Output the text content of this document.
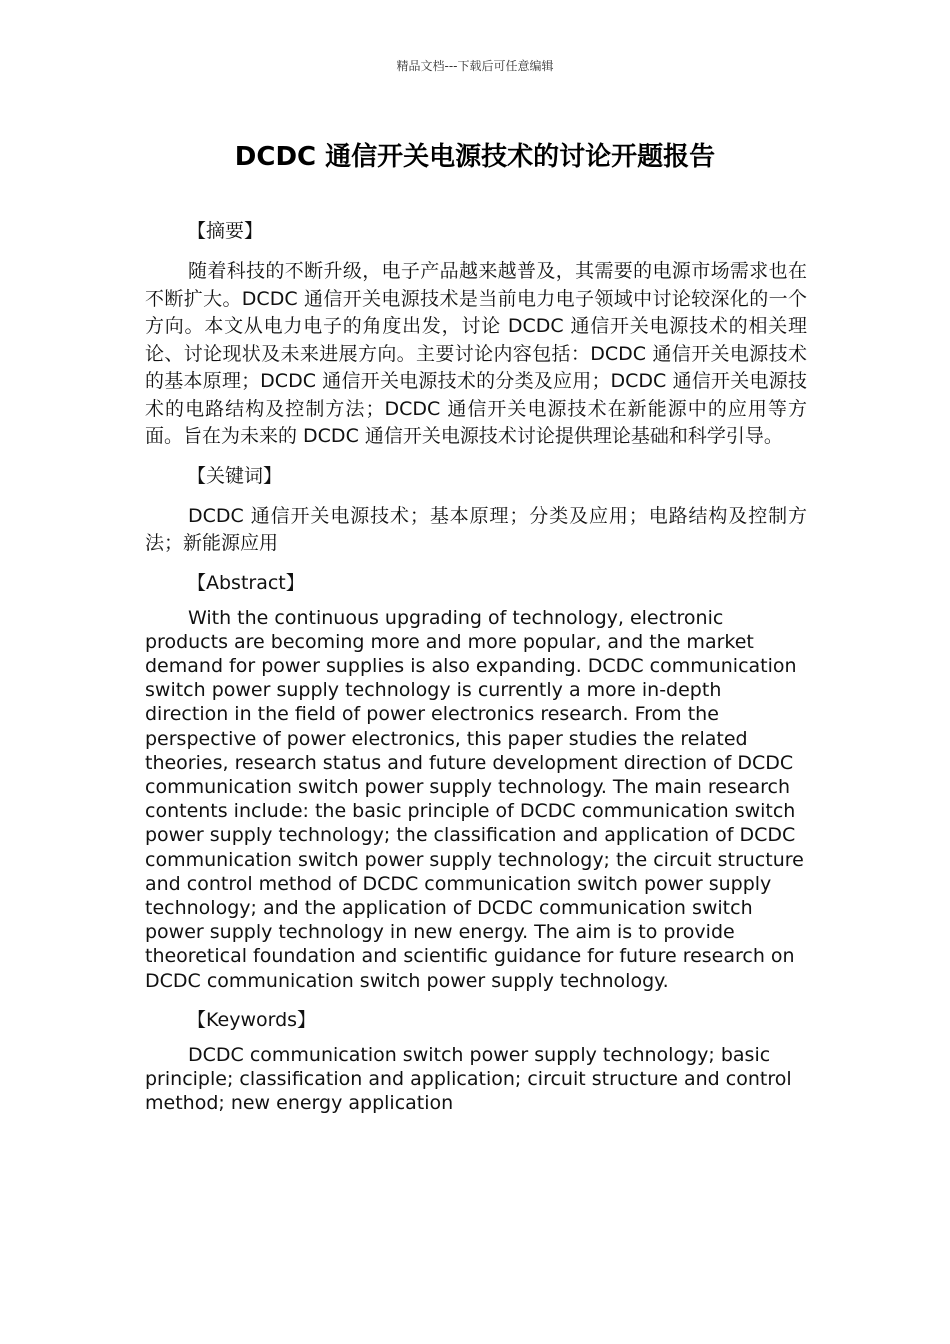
精品文档---下载后可任意编辑
DCDC 通信开关电源技术的讨论开题报告
【摘要】

随着科技的不断升级，电子产品越来越普及，其需要的电源市场需求也在不断扩大。DCDC 通信开关电源技术是当前电力电子领域中讨论较深化的一个方向。本文从电力电子的角度出发，讨论 DCDC 通信开关电源技术的相关理论、讨论现状及未来进展方向。主要讨论内容包括：DCDC 通信开关电源技术的基本原理；DCDC 通信开关电源技术的分类及应用；DCDC 通信开关电源技术的电路结构及控制方法；DCDC 通信开关电源技术在新能源中的应用等方面。旨在为未来的 DCDC 通信开关电源技术讨论提供理论基础和科学引导。

【关键词】

DCDC 通信开关电源技术；基本原理；分类及应用；电路结构及控制方法；新能源应用

【Abstract】

With the continuous upgrading of technology, electronic products are becoming more and more popular, and the market demand for power supplies is also expanding. DCDC communication switch power supply technology is currently a more in-depth direction in the field of power electronics research. From the perspective of power electronics, this paper studies the related theories, research status and future development direction of DCDC communication switch power supply technology. The main research contents include: the basic principle of DCDC communication switch power supply technology; the classification and application of DCDC communication switch power supply technology; the circuit structure and control method of DCDC communication switch power supply technology; and the application of DCDC communication switch power supply technology in new energy. The aim is to provide theoretical foundation and scientific guidance for future research on DCDC communication switch power supply technology.

【Keywords】

DCDC communication switch power supply technology; basic principle; classification and application; circuit structure and control method; new energy application
